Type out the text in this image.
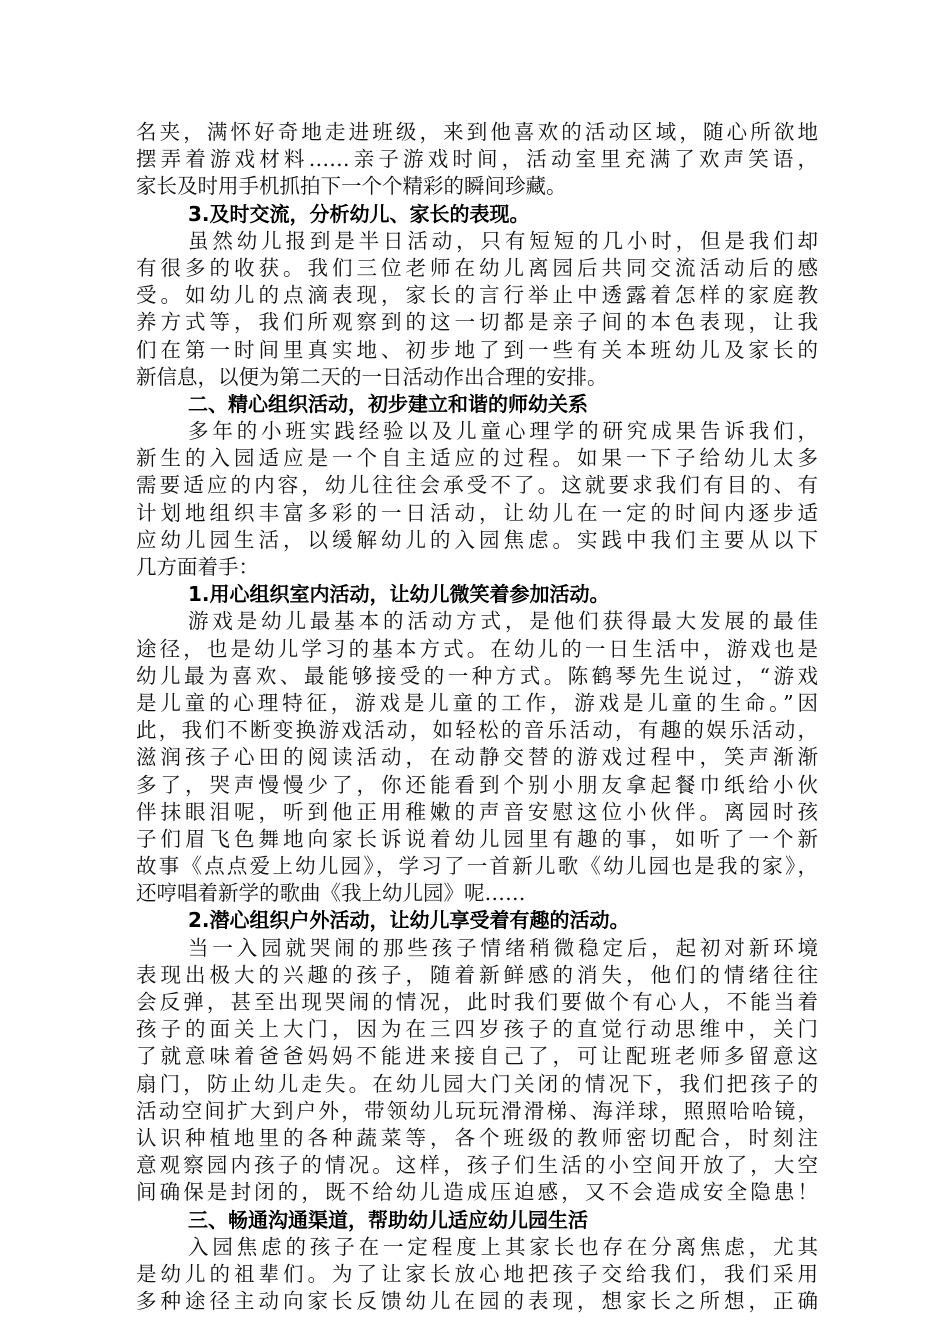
名夹，满怀好奇地走进班级，来到他喜欢的活动区域，随心所欲地
摆弄着游戏材料……亲子游戏时间，活动室里充满了欢声笑语，
家长及时用手机抓拍下一个个精彩的瞬间珍藏。
3.及时交流，分析幼儿、家长的表现。
虽然幼儿报到是半日活动，只有短短的几小时，但是我们却
有很多的收获。我们三位老师在幼儿离园后共同交流活动后的感
受。如幼儿的点滴表现，家长的言行举止中透露着怎样的家庭教
养方式等，我们所观察到的这一切都是亲子间的本色表现，让我
们在第一时间里真实地、初步地了到一些有关本班幼儿及家长的
新信息，以便为第二天的一日活动作出合理的安排。
二、精心组织活动，初步建立和谐的师幼关系
多年的小班实践经验以及儿童心理学的研究成果告诉我们，
新生的入园适应是一个自主适应的过程。如果一下子给幼儿太多
需要适应的内容，幼儿往往会承受不了。这就要求我们有目的、有
计划地组织丰富多彩的一日活动，让幼儿在一定的时间内逐步适
应幼儿园生活，以缓解幼儿的入园焦虑。实践中我们主要从以下
几方面着手：
1.用心组织室内活动，让幼儿微笑着参加活动。
游戏是幼儿最基本的活动方式，是他们获得最大发展的最佳
途径，也是幼儿学习的基本方式。在幼儿的一日生活中，游戏也是
幼儿最为喜欢、最能够接受的一种方式。陈鹤琴先生说过，“游戏
是儿童的心理特征，游戏是儿童的工作，游戏是儿童的生命。”因
此，我们不断变换游戏活动，如轻松的音乐活动，有趣的娱乐活动，
滋润孩子心田的阅读活动，在动静交替的游戏过程中，笑声渐渐
多了，哭声慢慢少了，你还能看到个别小朋友拿起餐巾纸给小伙
伴抹眼泪呢，听到他正用稚嫩的声音安慰这位小伙伴。离园时孩
子们眉飞色舞地向家长诉说着幼儿园里有趣的事，如听了一个新
故事《点点爱上幼儿园》，学习了一首新儿歌《幼儿园也是我的家》，
还哼唱着新学的歌曲《我上幼儿园》呢……
2.潜心组织户外活动，让幼儿享受着有趣的活动。
当一入园就哭闹的那些孩子情绪稍微稳定后，起初对新环境
表现出极大的兴趣的孩子，随着新鲜感的消失，他们的情绪往往
会反弹，甚至出现哭闹的情况，此时我们要做个有心人，不能当着
孩子的面关上大门，因为在三四岁孩子的直觉行动思维中，关门
了就意味着爸爸妈妈不能进来接自己了，可让配班老师多留意这
扇门，防止幼儿走失。在幼儿园大门关闭的情况下，我们把孩子的
活动空间扩大到户外，带领幼儿玩玩滑滑梯、海洋球，照照哈哈镜，
认识种植地里的各种蔬菜等，各个班级的教师密切配合，时刻注
意观察园内孩子的情况。这样，孩子们生活的小空间开放了，大空
间确保是封闭的，既不给幼儿造成压迫感，又不会造成安全隐患！
三、畅通沟通渠道，帮助幼儿适应幼儿园生活
入园焦虑的孩子在一定程度上其家长也存在分离焦虑，尤其
是幼儿的祖辈们。为了让家长放心地把孩子交给我们，我们采用
多种途径主动向家长反馈幼儿在园的表现，想家长之所想，正确
